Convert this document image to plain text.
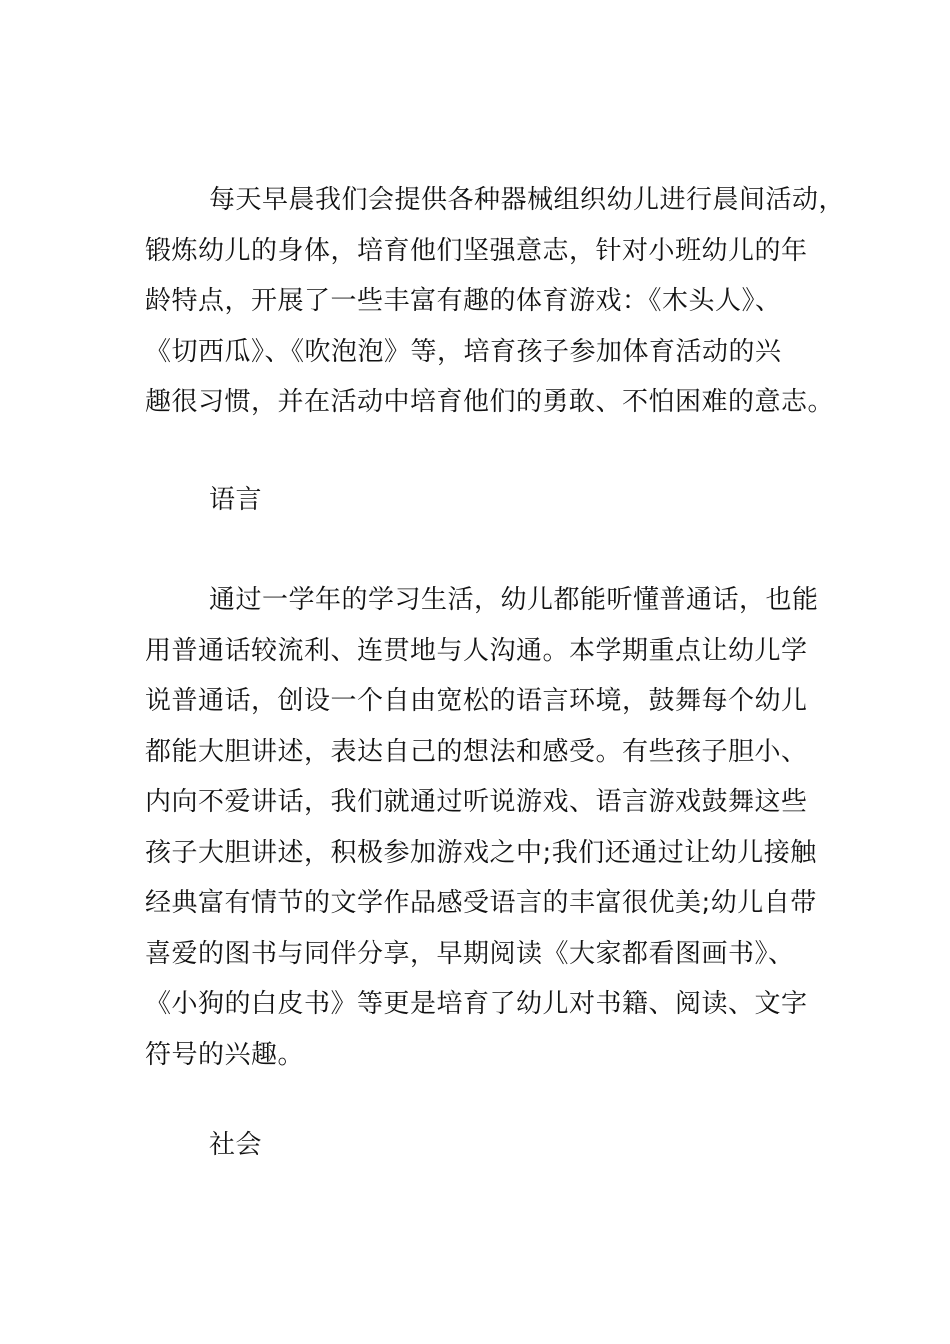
每天早晨我们会提供各种器械组织幼儿进行晨间活动，
锻炼幼儿的身体，培育他们坚强意志，针对小班幼儿的年
龄特点，开展了一些丰富有趣的体育游戏：《木头人》、
《切西瓜》、《吹泡泡》等，培育孩子参加体育活动的兴
趣很习惯，并在活动中培育他们的勇敢、不怕困难的意志。
语言
通过一学年的学习生活，幼儿都能听懂普通话，也能
用普通话较流利、连贯地与人沟通。本学期重点让幼儿学
说普通话，创设一个自由宽松的语言环境，鼓舞每个幼儿
都能大胆讲述，表达自己的想法和感受。有些孩子胆小、
内向不爱讲话，我们就通过听说游戏、语言游戏鼓舞这些
孩子大胆讲述，积极参加游戏之中;我们还通过让幼儿接触
经典富有情节的文学作品感受语言的丰富很优美;幼儿自带
喜爱的图书与同伴分享，早期阅读《大家都看图画书》、
《小狗的白皮书》等更是培育了幼儿对书籍、阅读、文字
符号的兴趣。
社会
